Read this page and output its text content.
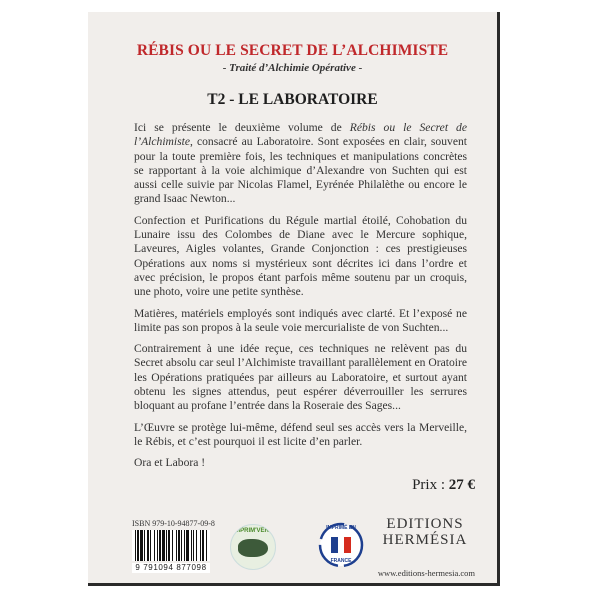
RÉBIS OU LE SECRET DE L’ALCHIMISTE
- Traité d’Alchimie Opérative -
T2 - LE LABORATOIRE

Ici se présente le deuxième volume de Rébis ou le Secret de l’Alchimiste, consacré au Laboratoire. Sont exposées en clair, souvent pour la toute première fois, les techniques et manipulations concrètes se rapportant à la voie alchimique d’Alexandre von Suchten qui est aussi celle suivie par Nicolas Flamel, Eyrénée Philalèthe ou encore le grand Isaac Newton...

Confection et Purifications du Régule martial étoilé, Cohobation du Lunaire issu des Colombes de Diane avec le Mercure sophique, Laveures, Aigles volantes, Grande Conjonction : ces prestigieuses Opérations aux noms si mystérieux sont décrites ici dans l’ordre et avec précision, le propos étant parfois même soutenu par un croquis, une photo, voire une petite synthèse.

Matières, matériels employés sont indiqués avec clarté. Et l’exposé ne limite pas son propos à la seule voie mercurialiste de von Suchten...

Contrairement à une idée reçue, ces techniques ne relèvent pas du Secret absolu car seul l’Alchimiste travaillant parallèlement en Oratoire les Opérations pratiquées par ailleurs au Laboratoire, et surtout ayant obtenu les signes attendus, peut espérer déverrouiller les serrures bloquant au profane l’entrée dans la Roseraie des Sages...

L’Œuvre se protège lui-même, défend seul ses accès vers la Merveille, le Rébis, et c’est pourquoi il est licite d’en parler.

Ora et Labora !

Prix : 27 €
ISBN 979-10-94877-09-8
9 791094 877098
IMPRIM'VERT	IMPRIMÉ EN
FRANCE
EDITIONS
HERMÉSIA
www.editions-hermesia.com
